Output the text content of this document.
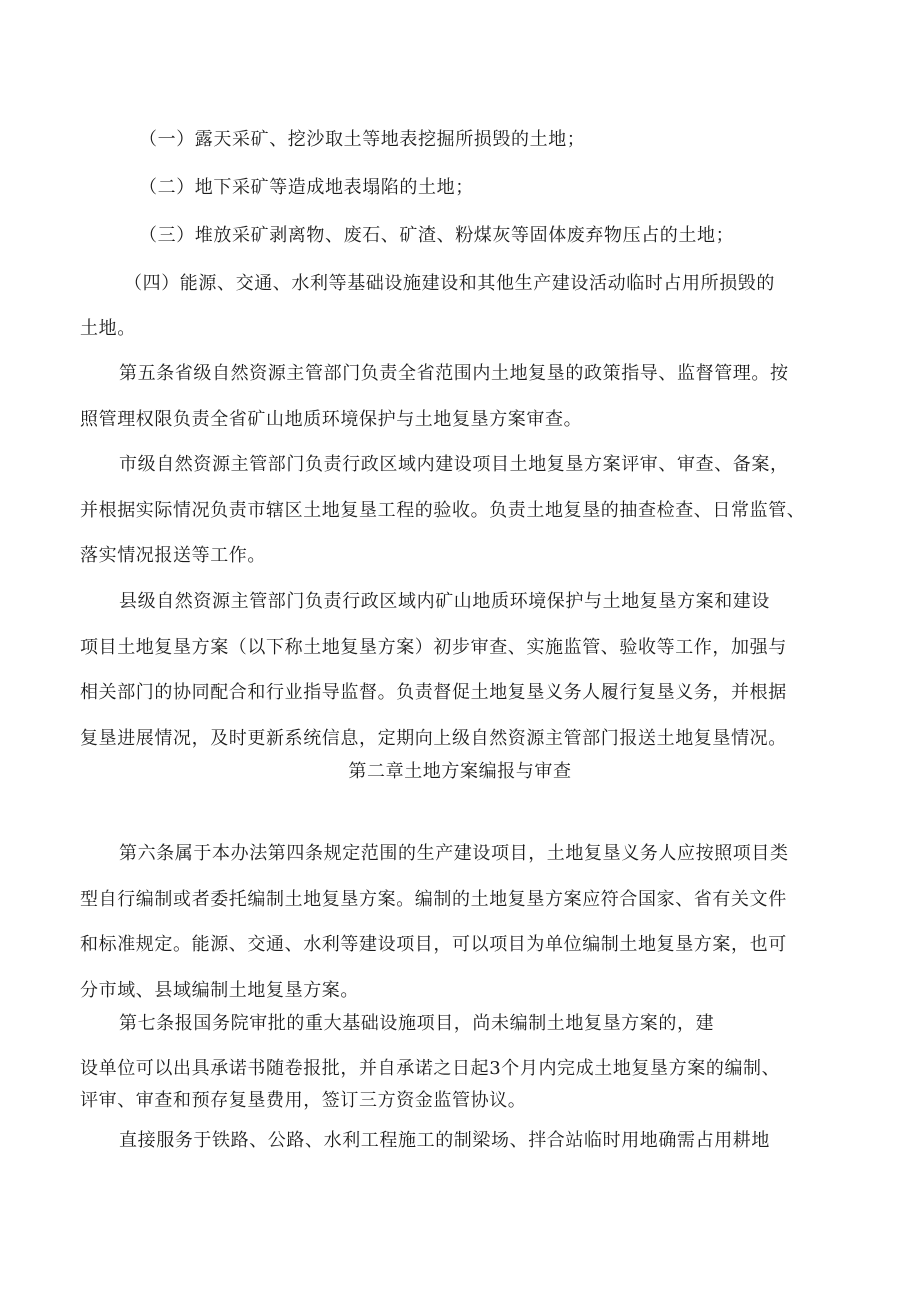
（一）露天采矿、挖沙取土等地表挖掘所损毁的土地；
（二）地下采矿等造成地表塌陷的土地；
（三）堆放采矿剥离物、废石、矿渣、粉煤灰等固体废弃物压占的土地；
（四）能源、交通、水利等基础设施建设和其他生产建设活动临时占用所损毁的
土地。
第五条省级自然资源主管部门负责全省范围内土地复垦的政策指导、监督管理。按
照管理权限负责全省矿山地质环境保护与土地复垦方案审查。
市级自然资源主管部门负责行政区域内建设项目土地复垦方案评审、审查、备案，
并根据实际情况负责市辖区土地复垦工程的验收。负责土地复垦的抽查检查、日常监管、
落实情况报送等工作。
县级自然资源主管部门负责行政区域内矿山地质环境保护与土地复垦方案和建设
项目土地复垦方案（以下称土地复垦方案）初步审查、实施监管、验收等工作，加强与
相关部门的协同配合和行业指导监督。负责督促土地复垦义务人履行复垦义务，并根据
复垦进展情况，及时更新系统信息，定期向上级自然资源主管部门报送土地复垦情况。
第二章土地方案编报与审查
第六条属于本办法第四条规定范围的生产建设项目，土地复垦义务人应按照项目类
型自行编制或者委托编制土地复垦方案。编制的土地复垦方案应符合国家、省有关文件
和标准规定。能源、交通、水利等建设项目，可以项目为单位编制土地复垦方案，也可
分市域、县域编制土地复垦方案。
第七条报国务院审批的重大基础设施项目，尚未编制土地复垦方案的，建
设单位可以出具承诺书随卷报批，并自承诺之日起3个月内完成土地复垦方案的编制、
评审、审查和预存复垦费用，签订三方资金监管协议。
直接服务于铁路、公路、水利工程施工的制梁场、拌合站临时用地确需占用耕地
